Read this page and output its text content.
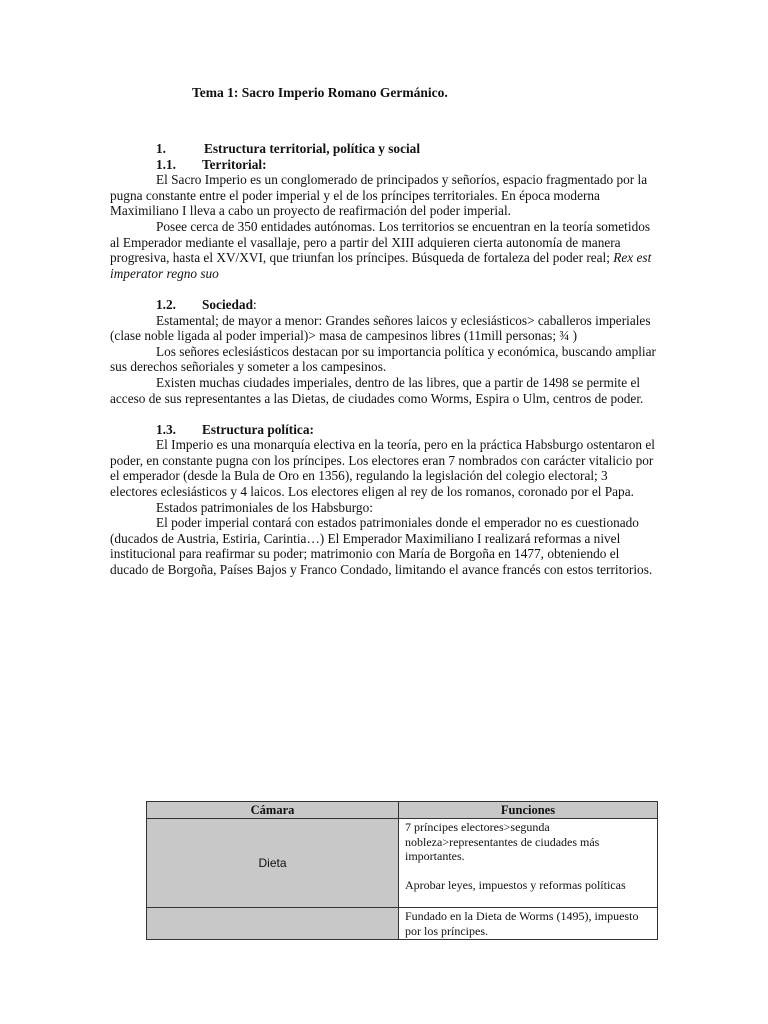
Tema 1: Sacro Imperio Romano Germánico.

1.	Estructura territorial, política y social

1.1. Territorial:

El Sacro Imperio es un conglomerado de principados y señoríos, espacio fragmentado por la pugna constante entre el poder imperial y el de los príncipes territoriales. En época moderna Maximiliano I lleva a cabo un proyecto de reafirmación del poder imperial.

Posee cerca de 350 entidades autónomas. Los territorios se encuentran en la teoría sometidos al Emperador mediante el vasallaje, pero a partir del XIII adquieren cierta autonomía de manera progresiva, hasta el XV/XVI, que triunfan los príncipes. Búsqueda de fortaleza del poder real; Rex est imperator regno suo

1.2. Sociedad:

Estamental; de mayor a menor: Grandes señores laicos y eclesiásticos> caballeros imperiales (clase noble ligada al poder imperial)> masa de campesinos libres (11mill personas; ¾ )

Los señores eclesiásticos destacan por su importancia política y económica, buscando ampliar sus derechos señoriales y someter a los campesinos.

Existen muchas ciudades imperiales, dentro de las libres, que a partir de 1498 se permite el acceso de sus representantes a las Dietas, de ciudades como Worms, Espira o Ulm, centros de poder.

1.3. Estructura política:

El Imperio es una monarquía electiva en la teoría, pero en la práctica Habsburgo ostentaron el poder, en constante pugna con los príncipes. Los electores eran 7 nombrados con carácter vitalicio por el emperador (desde la Bula de Oro en 1356), regulando la legislación del colegio electoral; 3 electores eclesiásticos y 4 laicos. Los electores eligen al rey de los romanos, coronado por el Papa.

Estados patrimoniales de los Habsburgo:

El poder imperial contará con estados patrimoniales donde el emperador no es cuestionado (ducados de Austria, Estiria, Carintia…) El Emperador Maximiliano I realizará reformas a nivel institucional para reafirmar su poder; matrimonio con María de Borgoña en 1477, obteniendo el ducado de Borgoña, Países Bajos y Franco Condado, limitando el avance francés con estos territorios.

Cámara	Funciones
Dieta	7 príncipes electores>segunda nobleza>representantes de ciudades más importantes.

Aprobar leyes, impuestos y reformas políticas

	Fundado en la Dieta de Worms (1495), impuesto por los príncipes.
